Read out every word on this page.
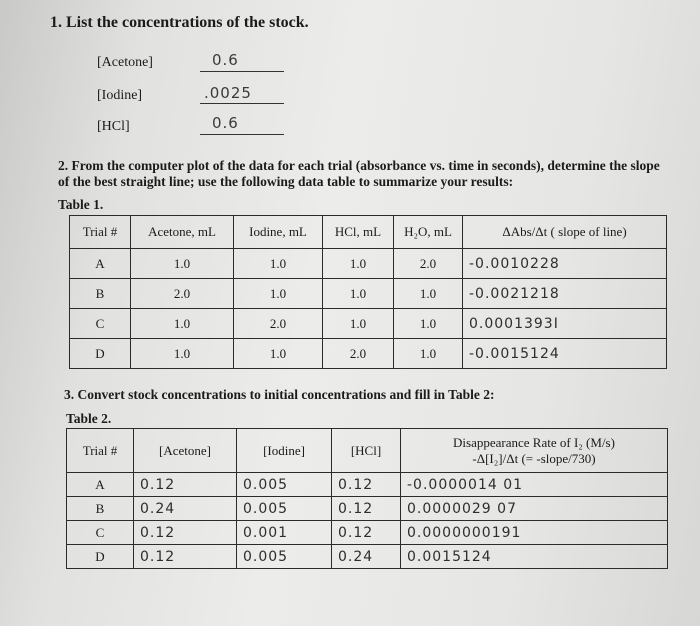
1. List the concentrations of the stock.
[Acetone]	0.6
[Iodine]	.0025
[HCl]	0.6
2. From the computer plot of the data for each trial (absorbance vs. time in seconds), determine the slope of the best straight line; use the following data table to summarize your results:
Table 1.
Trial #	Acetone, mL	Iodine, mL	HCl, mL	H₂O, mL	ΔAbs/Δt ( slope of line)
A	1.0	1.0	1.0	2.0	-0.0010228
B	2.0	1.0	1.0	1.0	-0.0021218
C	1.0	2.0	1.0	1.0	0.0001393I
D	1.0	1.0	2.0	1.0	-0.0015124
3. Convert stock concentrations to initial concentrations and fill in Table 2:
Table 2.
Trial #	[Acetone]	[Iodine]	[HCl]	Disappearance Rate of I₂ (M/s)
-Δ[I₂]/Δt (= -slope/730)

A	0.12	0.005	0.12	-0.0000014 01
B	0.24	0.005	0.12	0.0000029 07
C	0.12	0.001	0.12	0.0000000191
D	0.12	0.005	0.24	0.0015124
